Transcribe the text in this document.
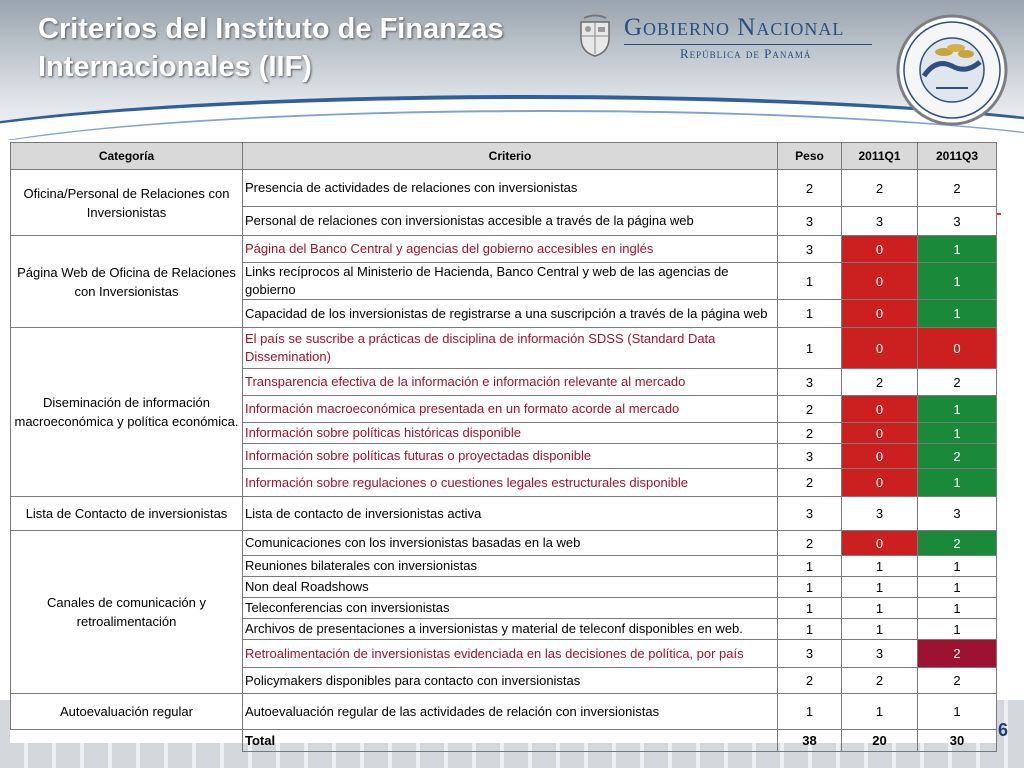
Criterios del Instituto de Finanzas Internacionales (IIF)
Gobierno Nacional
República de Panamá
Categoría	Criterio	Peso	2011Q1	2011Q3
Oficina/Personal de Relaciones con Inversionistas	Presencia de actividades de relaciones con inversionistas	2	2	2
	Personal de relaciones con inversionistas accesible a través de la página web	3	3	3
Página Web de Oficina de Relaciones con Inversionistas	Página del Banco Central y agencias del gobierno accesibles en inglés	3	0	1
	Links recíprocos al Ministerio de Hacienda, Banco Central y web de las agencias de gobierno	1	0	1
	Capacidad de los inversionistas de registrarse a una suscripción a través de la página web	1	0	1
Diseminación de información macroeconómica y política económica.	El país se suscribe a prácticas de disciplina de información SDSS (Standard Data Dissemination)	1	0	0
	Transparencia efectiva de la información e información relevante al mercado	3	2	2
	Información macroeconómica presentada en un formato acorde al mercado	2	0	1
	Información sobre políticas históricas disponible	2	0	1
	Información sobre políticas futuras o proyectadas disponible	3	0	2
	Información sobre regulaciones o cuestiones legales estructurales disponible	2	0	1
Lista de Contacto de inversionistas	Lista de contacto de inversionistas activa	3	3	3
Canales de comunicación y retroalimentación	Comunicaciones con los inversionistas basadas en la web	2	0	2
	Reuniones bilaterales con inversionistas	1	1	1
	Non deal Roadshows	1	1	1
	Teleconferencias con inversionistas	1	1	1
	Archivos de presentaciones a inversionistas y material de teleconf disponibles en web.	1	1	1
	Retroalimentación de inversionistas evidenciada en las decisiones de política, por país	3	3	2
	Policymakers disponibles para contacto con inversionistas	2	2	2
Autoevaluación regular	Autoevaluación regular de las actividades de relación con inversionistas	1	1	1
	Total	38	20	30
6
